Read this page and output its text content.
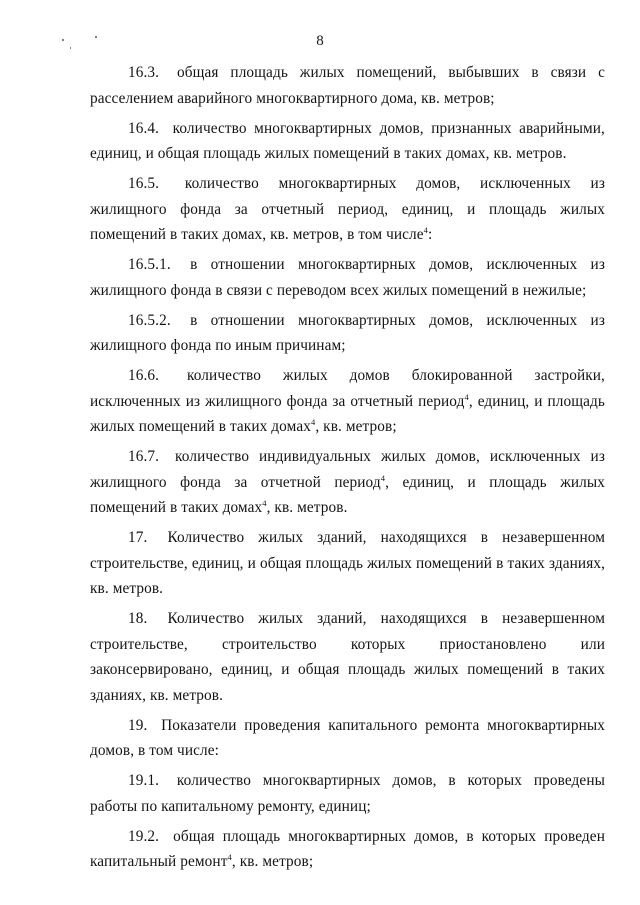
8

16.3. общая площадь жилых помещений, выбывших в связи с расселением аварийного многоквартирного дома, кв. метров;

16.4. количество многоквартирных домов, признанных аварийными, единиц, и общая площадь жилых помещений в таких домах, кв. метров.

16.5. количество многоквартирных домов, исключенных из жилищного фонда за отчетный период, единиц, и площадь жилых помещений в таких домах, кв. метров, в том числе$^4$:

16.5.1. в отношении многоквартирных домов, исключенных из жилищного фонда в связи с переводом всех жилых помещений в нежилые;

16.5.2. в отношении многоквартирных домов, исключенных из жилищного фонда по иным причинам;

16.6. количество жилых домов блокированной застройки, исключенных из жилищного фонда за отчетный период$^4$, единиц, и площадь жилых помещений в таких домах$^4$, кв. метров;

16.7. количество индивидуальных жилых домов, исключенных из жилищного фонда за отчетной период$^4$, единиц, и площадь жилых помещений в таких домах$^4$, кв. метров.

17. Количество жилых зданий, находящихся в незавершенном строительстве, единиц, и общая площадь жилых помещений в таких зданиях, кв. метров.

18. Количество жилых зданий, находящихся в незавершенном строительстве, строительство которых приостановлено или законсервировано, единиц, и общая площадь жилых помещений в таких зданиях, кв. метров.

19. Показатели проведения капитального ремонта многоквартирных домов, в том числе:

19.1. количество многоквартирных домов, в которых проведены работы по капитальному ремонту, единиц;

19.2. общая площадь многоквартирных домов, в которых проведен капитальный ремонт$^4$, кв. метров;
